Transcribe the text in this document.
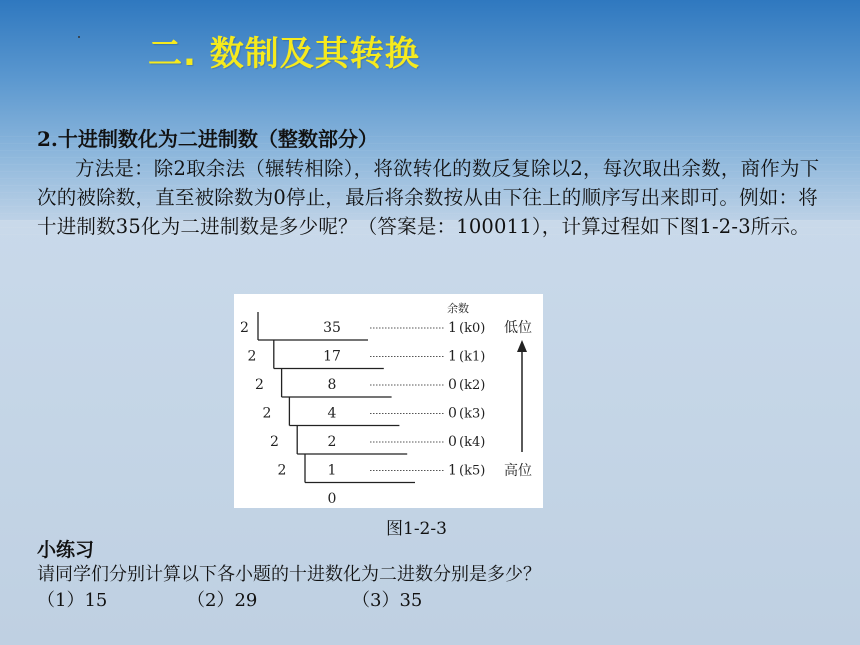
二. 数制及其转换
2.十进制数化为二进制数（整数部分）

方法是：除2取余法（辗转相除），将欲转化的数反复除以2，每次取出余数，商作为下次的被除数，直至被除数为0停止，最后将余数按从由下往上的顺序写出来即可。例如：将十进制数35化为二进制数是多少呢？（答案是：100011），计算过程如下图1-2-3所示。

余数
2	35	1 (k0)
2	17	1 (k1)
2	8	0 (k2)
2	4	0 (k3)
2	2	0 (k4)
2	1	1 (k5)
0
低位
高位
图1-2-3
小练习
请同学们分别计算以下各小题的十进数化为二进数分别是多少？
（1）15	（2）29	（3）35
